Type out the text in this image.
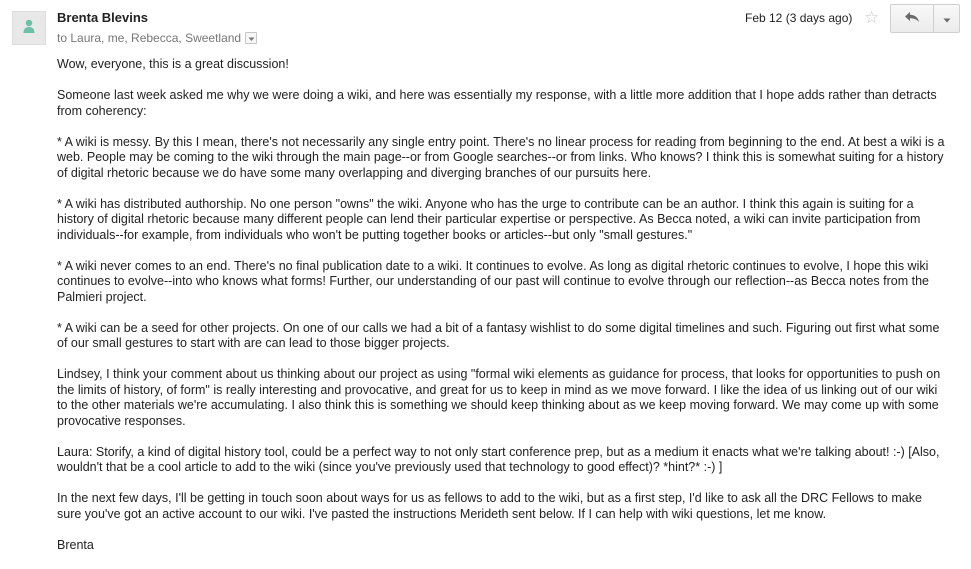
Brenta Blevins
to Laura, me, Rebecca, Sweetland
Feb 12 (3 days ago) ☆

Wow, everyone, this is a great discussion!

Someone last week asked me why we were doing a wiki, and here was essentially my response, with a little more addition that I hope adds rather than detracts from coherency:

* A wiki is messy. By this I mean, there's not necessarily any single entry point. There's no linear process for reading from beginning to the end. At best a wiki is a web. People may be coming to the wiki through the main page--or from Google searches--or from links. Who knows? I think this is somewhat suiting for a history of digital rhetoric because we do have some many overlapping and diverging branches of our pursuits here.

* A wiki has distributed authorship. No one person "owns" the wiki. Anyone who has the urge to contribute can be an author. I think this again is suiting for a history of digital rhetoric because many different people can lend their particular expertise or perspective. As Becca noted, a wiki can invite participation from individuals--for example, from individuals who won't be putting together books or articles--but only "small gestures."

* A wiki never comes to an end. There's no final publication date to a wiki. It continues to evolve. As long as digital rhetoric continues to evolve, I hope this wiki continues to evolve--into who knows what forms! Further, our understanding of our past will continue to evolve through our reflection--as Becca notes from the Palmieri project.

* A wiki can be a seed for other projects. On one of our calls we had a bit of a fantasy wishlist to do some digital timelines and such. Figuring out first what some of our small gestures to start with are can lead to those bigger projects.

Lindsey, I think your comment about us thinking about our project as using "formal wiki elements as guidance for process, that looks for opportunities to push on the limits of history, of form" is really interesting and provocative, and great for us to keep in mind as we move forward. I like the idea of us linking out of our wiki to the other materials we're accumulating. I also think this is something we should keep thinking about as we keep moving forward. We may come up with some provocative responses.

Laura: Storify, a kind of digital history tool, could be a perfect way to not only start conference prep, but as a medium it enacts what we're talking about! :-) [Also, wouldn't that be a cool article to add to the wiki (since you've previously used that technology to good effect)? *hint?* :-) ]

In the next few days, I'll be getting in touch soon about ways for us as fellows to add to the wiki, but as a first step, I'd like to ask all the DRC Fellows to make sure you've got an active account to our wiki. I've pasted the instructions Merideth sent below. If I can help with wiki questions, let me know.

Brenta
